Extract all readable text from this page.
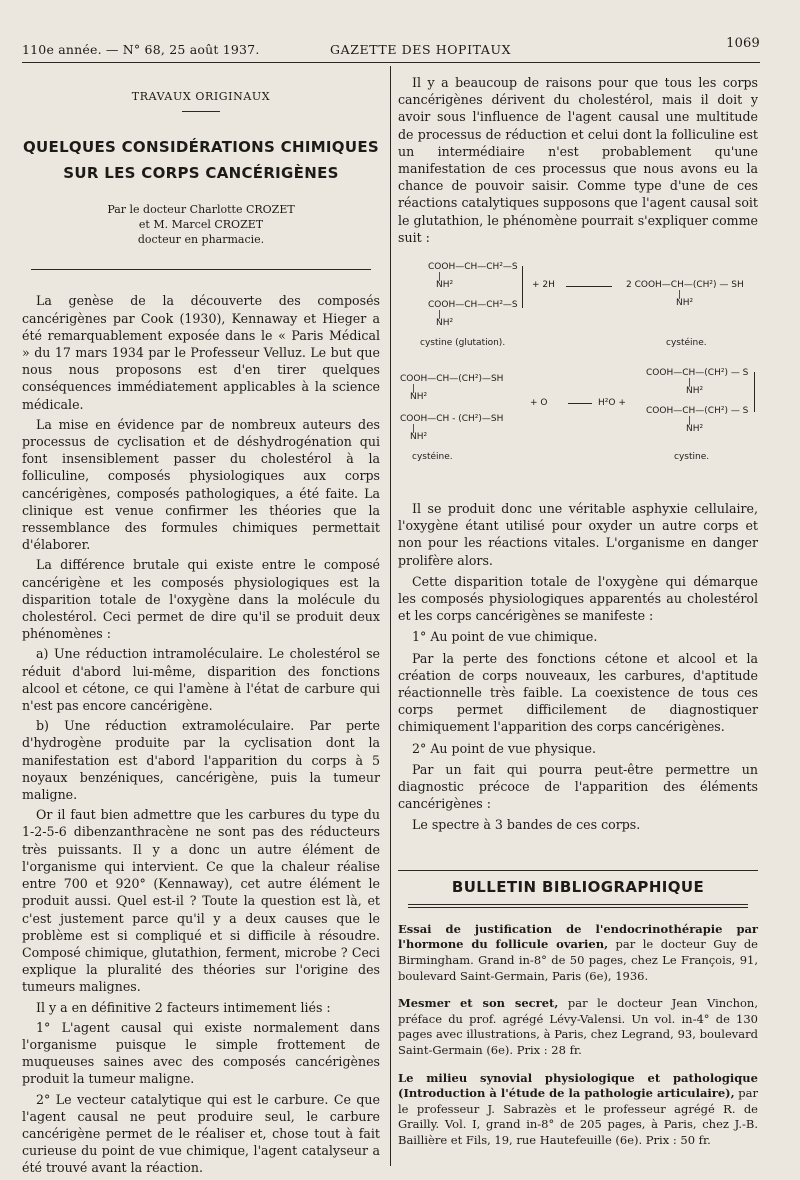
110e année. — N° 68, 25 août 1937.	GAZETTE DES HOPITAUX	1069
TRAVAUX ORIGINAUX
QUELQUES CONSIDÉRATIONS CHIMIQUES
SUR LES CORPS CANCÉRIGÈNES
Par le docteur Charlotte CROZET
et M. Marcel CROZET
docteur en pharmacie.

La genèse de la découverte des composés cancérigènes par Cook (1930), Kennaway et Hieger a été remarquablement exposée dans le « Paris Médical » du 17 mars 1934 par le Professeur Velluz. Le but que nous nous proposons est d'en tirer quelques conséquences immédiatement applicables à la science médicale.

La mise en évidence par de nombreux auteurs des processus de cyclisation et de déshydrogénation qui font insensiblement passer du cholestérol à la folliculine, composés physiologiques aux corps cancérigènes, composés pathologiques, a été faite. La clinique est venue confirmer les théories que la ressemblance des formules chimiques permettait d'élaborer.

La différence brutale qui existe entre le composé cancérigène et les composés physiologiques est la disparition totale de l'oxygène dans la molécule du cholestérol. Ceci permet de dire qu'il se produit deux phénomènes :

a) Une réduction intramoléculaire. Le cholestérol se réduit d'abord lui-même, disparition des fonctions alcool et cétone, ce qui l'amène à l'état de carbure qui n'est pas encore cancérigène.

b) Une réduction extramoléculaire. Par perte d'hydrogène produite par la cyclisation dont la manifestation est d'abord l'apparition du corps à 5 noyaux benzéniques, cancérigène, puis la tumeur maligne.

Or il faut bien admettre que les carbures du type du 1-2-5-6 dibenzanthracène ne sont pas des réducteurs très puissants. Il y a donc un autre élément de l'organisme qui intervient. Ce que la chaleur réalise entre 700 et 920° (Kennaway), cet autre élément le produit aussi. Quel est-il ? Toute la question est là, et c'est justement parce qu'il y a deux causes que le problème est si compliqué et si difficile à résoudre. Composé chimique, glutathion, ferment, microbe ? Ceci explique la pluralité des théories sur l'origine des tumeurs malignes.

Il y a en définitive 2 facteurs intimement liés :

1° L'agent causal qui existe normalement dans l'organisme puisque le simple frottement de muqueuses saines avec des composés cancérigènes produit la tumeur maligne.

2° Le vecteur catalytique qui est le carbure. Ce que l'agent causal ne peut produire seul, le carbure cancérigène permet de le réaliser et, chose tout à fait curieuse du point de vue chimique, l'agent catalyseur a été trouvé avant la réaction.

Il y a beaucoup de raisons pour que tous les corps cancérigènes dérivent du cholestérol, mais il doit y avoir sous l'influence de l'agent causal une multitude de processus de réduction et celui dont la folliculine est un intermédiaire n'est probablement qu'une manifestation de ces processus que nous avons eu la chance de pouvoir saisir. Comme type d'une de ces réactions catalytiques supposons que l'agent causal soit le glutathion, le phénomène pourrait s'expliquer comme suit :

COOH—CH—CH²—S
|
NH²
COOH—CH—CH²—S
|
NH²
+ 2H	2 COOH—CH—(CH²) — SH
|
NH²
cystine (glutation).	cystéine.
COOH—CH—(CH²)—SH
|
NH²
COOH—CH - (CH²)—SH
|
NH²
+ O	H²O +
COOH—CH—(CH²) — S
|
NH²
COOH—CH—(CH²) — S
|
NH²
cystéine.	cystine.

Il se produit donc une véritable asphyxie cellulaire, l'oxygène étant utilisé pour oxyder un autre corps et non pour les réactions vitales. L'organisme en danger prolifère alors.

Cette disparition totale de l'oxygène qui démarque les composés physiologiques apparentés au cholestérol et les corps cancérigènes se manifeste :

1° Au point de vue chimique.

Par la perte des fonctions cétone et alcool et la création de corps nouveaux, les carbures, d'aptitude réactionnelle très faible. La coexistence de tous ces corps permet difficilement de diagnostiquer chimiquement l'apparition des corps cancérigènes.

2° Au point de vue physique.

Par un fait qui pourra peut-être permettre un diagnostic précoce de l'apparition des éléments cancérigènes :

Le spectre à 3 bandes de ces corps.

BULLETIN BIBLIOGRAPHIQUE

Essai de justification de l'endocrinothérapie par l'hormone du follicule ovarien, par le docteur Guy de Birmingham. Grand in-8° de 50 pages, chez Le François, 91, boulevard Saint-Germain, Paris (6e), 1936.

Mesmer et son secret, par le docteur Jean Vinchon, préface du prof. agrégé Lévy-Valensi. Un vol. in-4° de 130 pages avec illustrations, à Paris, chez Legrand, 93, boulevard Saint-Germain (6e). Prix : 28 fr.

Le milieu synovial physiologique et pathologique (Introduction à l'étude de la pathologie articulaire), par le professeur J. Sabrazès et le professeur agrégé R. de Grailly. Vol. I, grand in-8° de 205 pages, à Paris, chez J.-B. Baillière et Fils, 19, rue Hautefeuille (6e). Prix : 50 fr.
